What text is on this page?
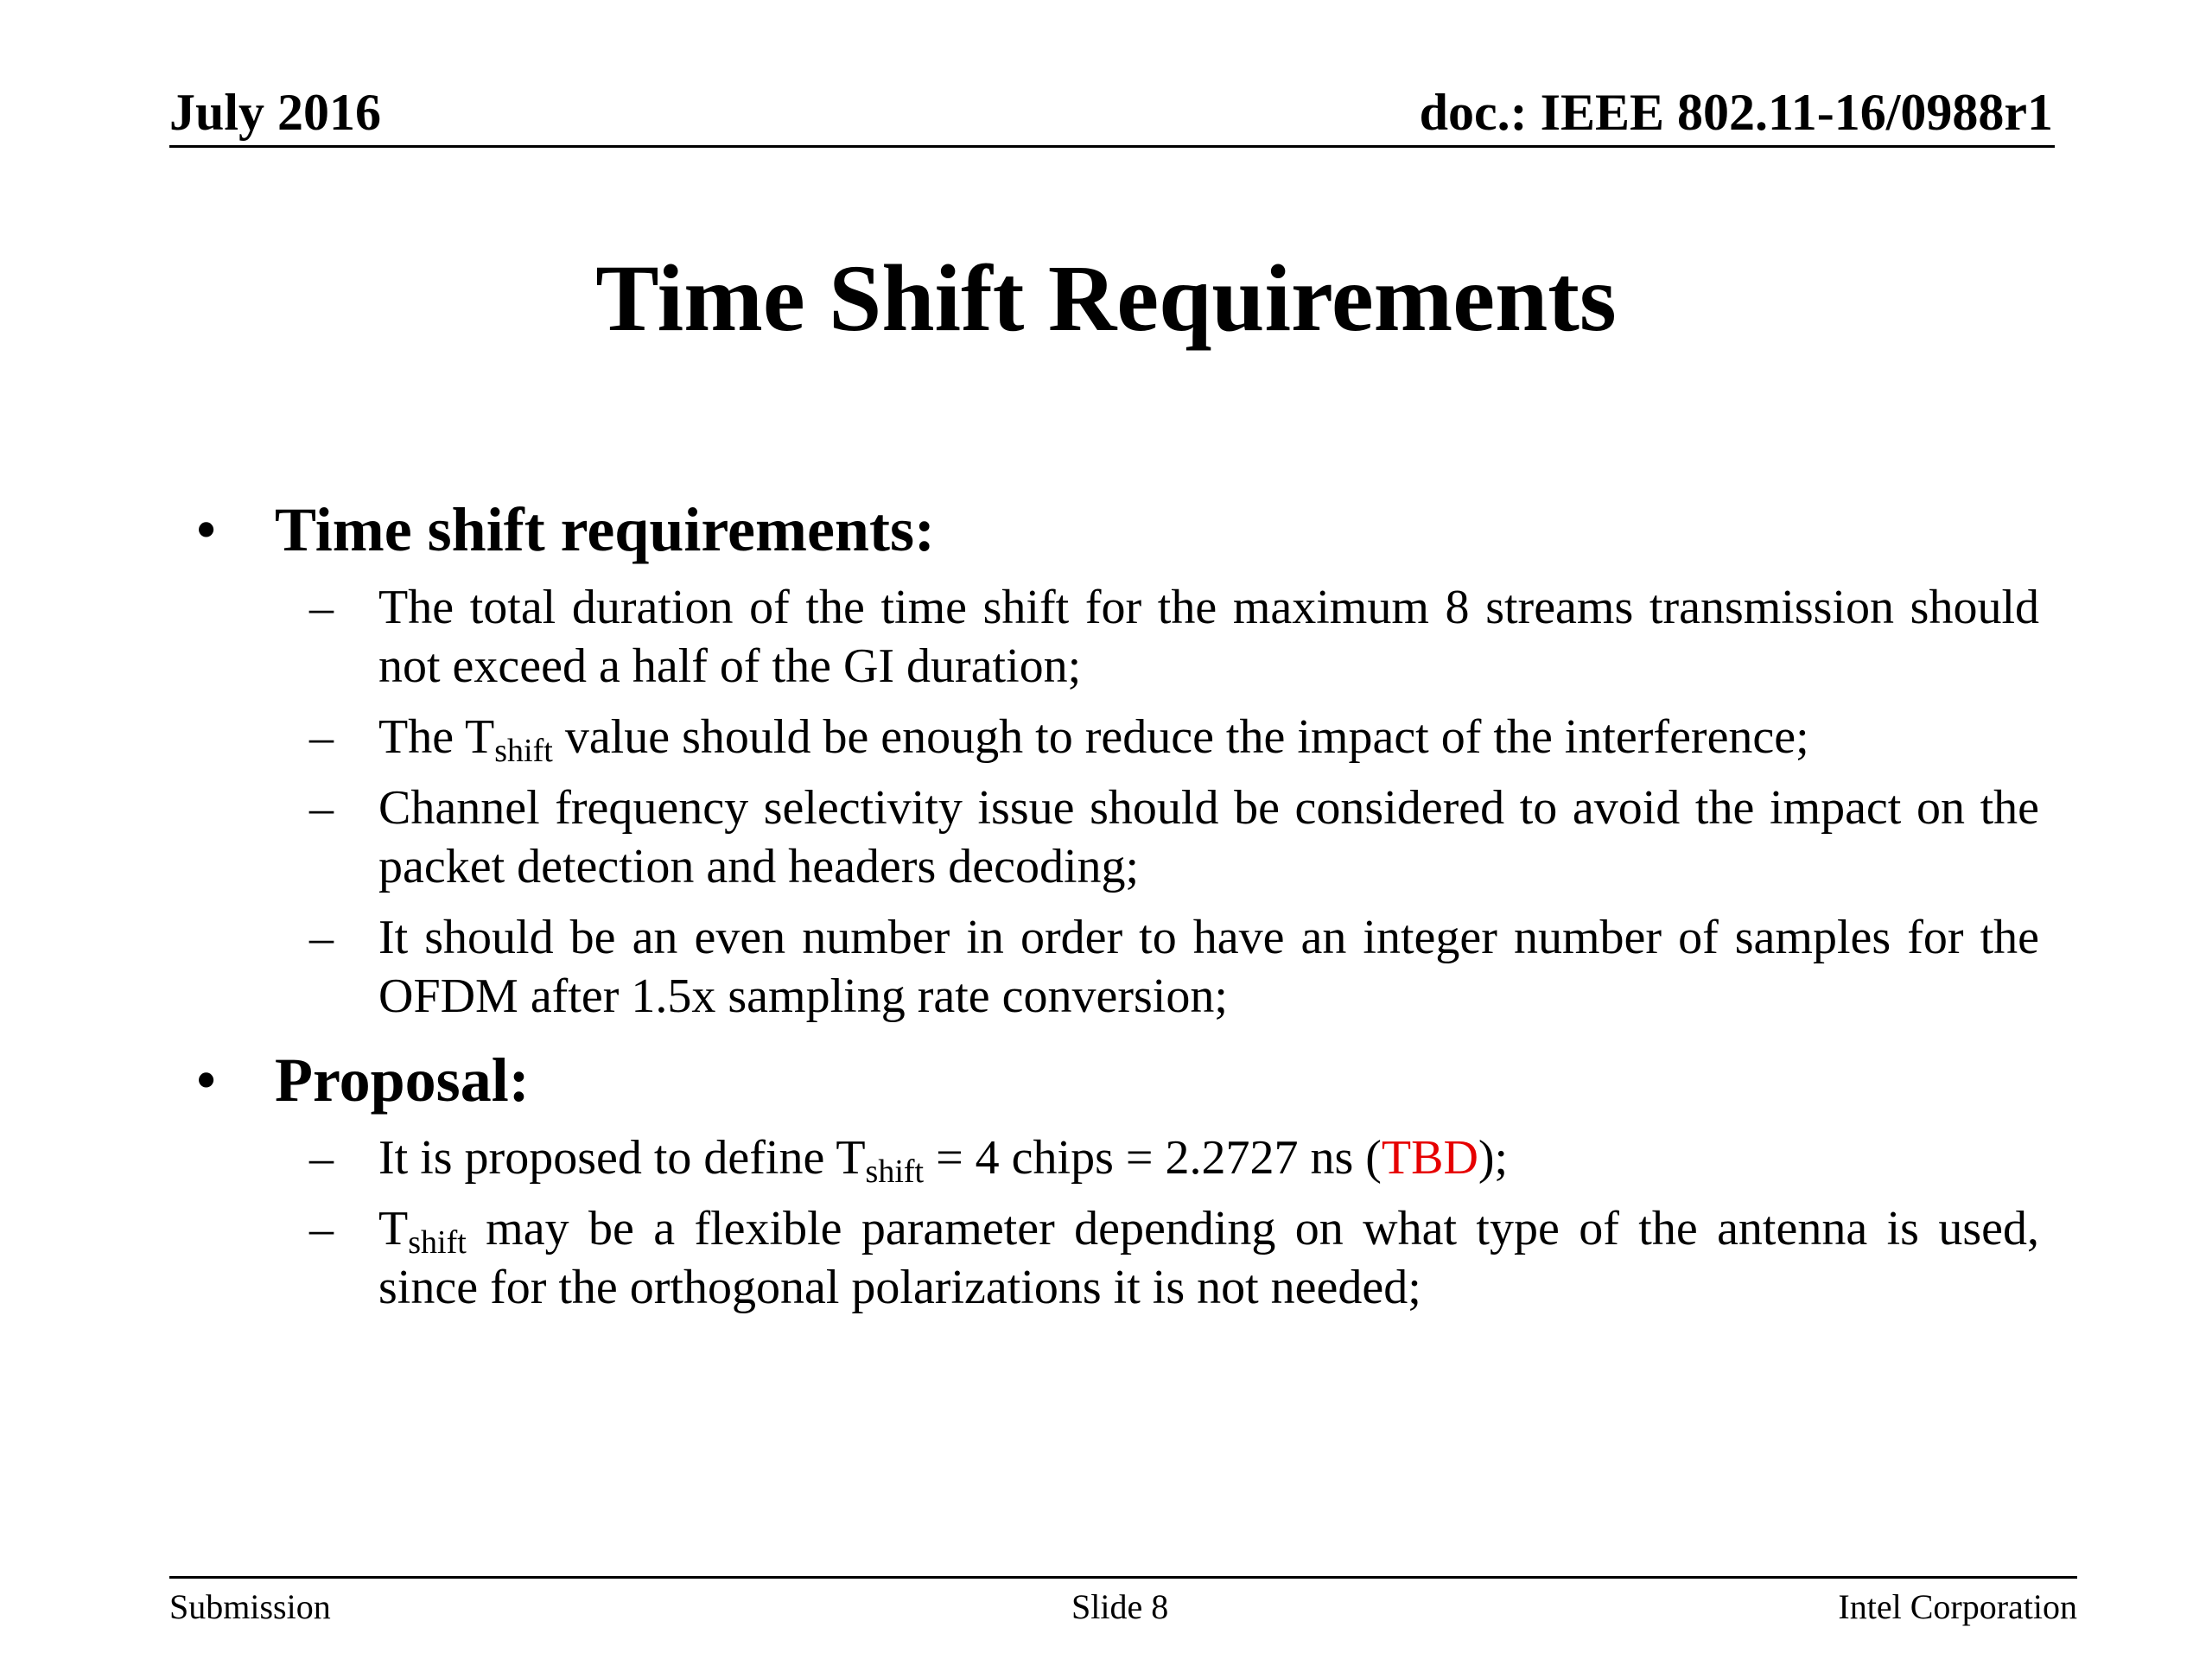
July 2016	doc.: IEEE 802.11-16/0988r1
Time Shift Requirements
• Time shift requirements:
– The total duration of the time shift for the maximum 8 streams transmission should not exceed a half of the GI duration;
– The $T_{shift}$ value should be enough to reduce the impact of the interference;
– Channel frequency selectivity issue should be considered to avoid the impact on the packet detection and headers decoding;
– It should be an even number in order to have an integer number of samples for the OFDM after 1.5x sampling rate conversion;
• Proposal:
– It is proposed to define $T_{shift} = 4$ chips = 2.2727 ns (TBD);
– $T_{shift}$ may be a flexible parameter depending on what type of the antenna is used, since for the orthogonal polarizations it is not needed;
Submission	Slide 8	Intel Corporation
